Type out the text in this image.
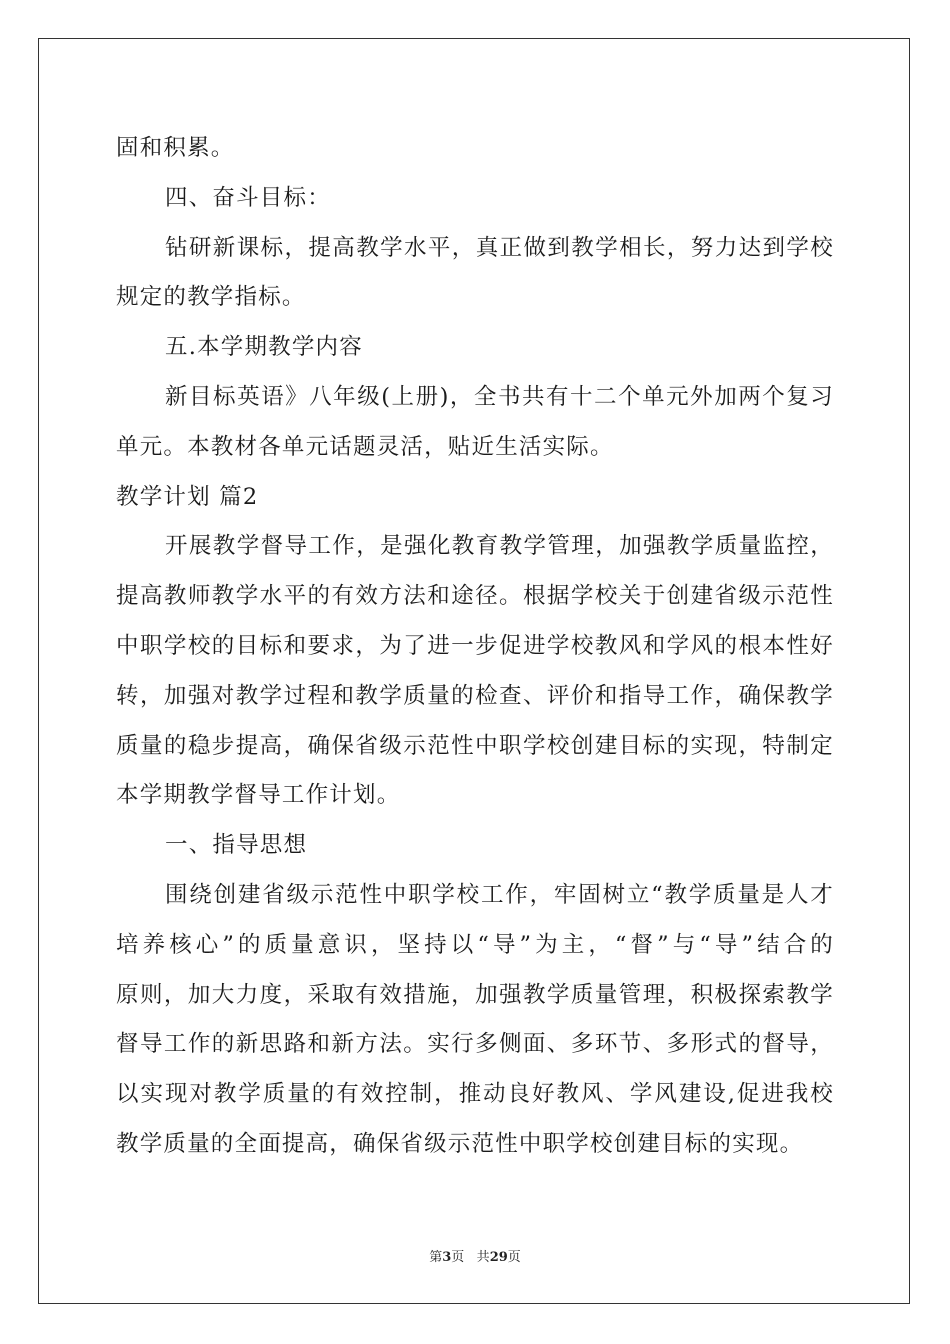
固和积累。
四、奋斗目标：
钻研新课标，提高教学水平，真正做到教学相长，努力达到学校
规定的教学指标。
五.本学期教学内容
新目标英语》八年级(上册)，全书共有十二个单元外加两个复习
单元。本教材各单元话题灵活，贴近生活实际。
教学计划 篇2
开展教学督导工作，是强化教育教学管理，加强教学质量监控，
提高教师教学水平的有效方法和途径。根据学校关于创建省级示范性
中职学校的目标和要求，为了进一步促进学校教风和学风的根本性好
转，加强对教学过程和教学质量的检查、评价和指导工作，确保教学
质量的稳步提高，确保省级示范性中职学校创建目标的实现，特制定
本学期教学督导工作计划。
一、指导思想
围绕创建省级示范性中职学校工作，牢固树立“教学质量是人才
培养核心”的质量意识，坚持以“导”为主，“督”与“导”结合的
原则，加大力度，采取有效措施，加强教学质量管理，积极探索教学
督导工作的新思路和新方法。实行多侧面、多环节、多形式的督导，
以实现对教学质量的有效控制，推动良好教风、学风建设,促进我校
教学质量的全面提高，确保省级示范性中职学校创建目标的实现。
第3页 共29页
